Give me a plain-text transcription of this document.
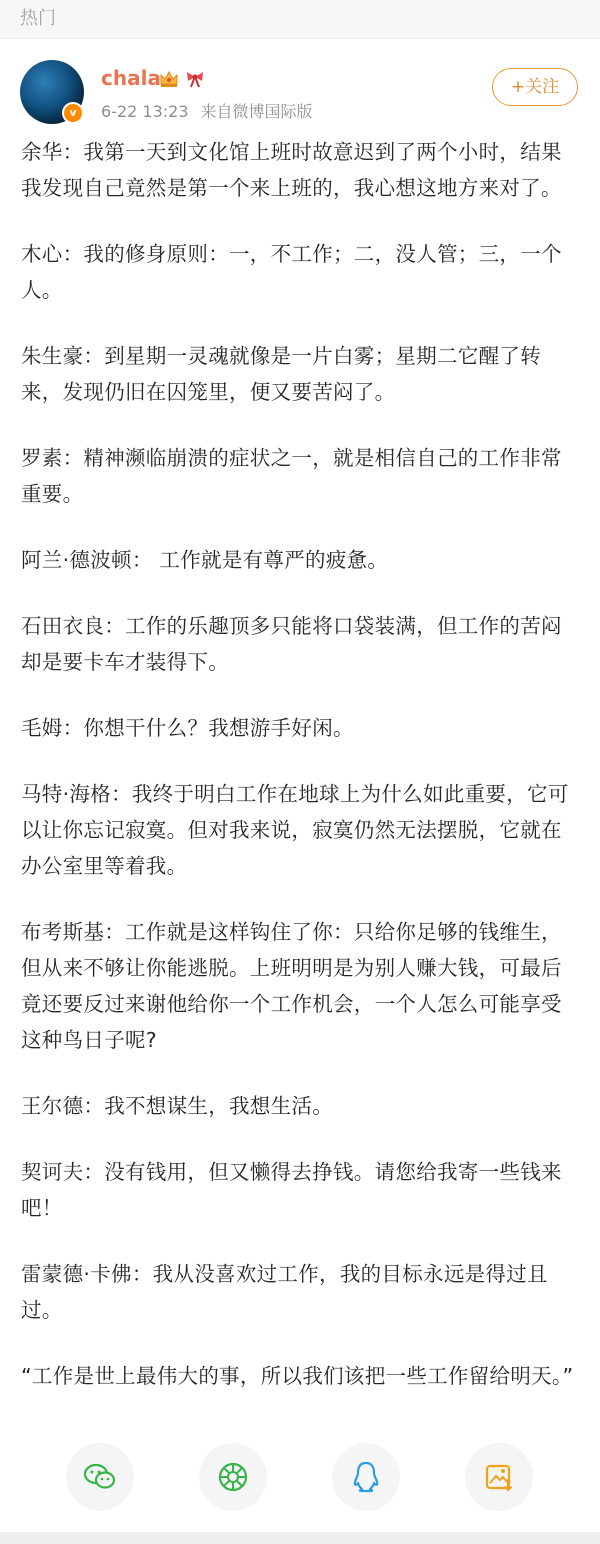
热门
v
chala
6-22 13:23 来自微博国际版
+关注

余华：我第一天到文化馆上班时故意迟到了两个小时，结果我发现自己竟然是第一个来上班的，我心想这地方来对了。

木心：我的修身原则：一，不工作；二，没人管；三，一个人。

朱生豪：到星期一灵魂就像是一片白雾；星期二它醒了转来，发现仍旧在囚笼里，便又要苦闷了。

罗素：精神濒临崩溃的症状之一，就是相信自己的工作非常重要。

阿兰·德波顿： 工作就是有尊严的疲惫。

石田衣良：工作的乐趣顶多只能将口袋装满，但工作的苦闷却是要卡车才装得下。

毛姆：你想干什么？我想游手好闲。

马特·海格：我终于明白工作在地球上为什么如此重要，它可以让你忘记寂寞。但对我来说，寂寞仍然无法摆脱，它就在办公室里等着我。

布考斯基：工作就是这样钩住了你：只给你足够的钱维生，但从来不够让你能逃脱。上班明明是为别人赚大钱，可最后竟还要反过来谢他给你一个工作机会，一个人怎么可能享受这种鸟日子呢?

王尔德：我不想谋生，我想生活。

契诃夫：没有钱用，但又懒得去挣钱。请您给我寄一些钱来吧！

雷蒙德·卡佛：我从没喜欢过工作，我的目标永远是得过且过。

“工作是世上最伟大的事，所以我们该把一些工作留给明天。”
